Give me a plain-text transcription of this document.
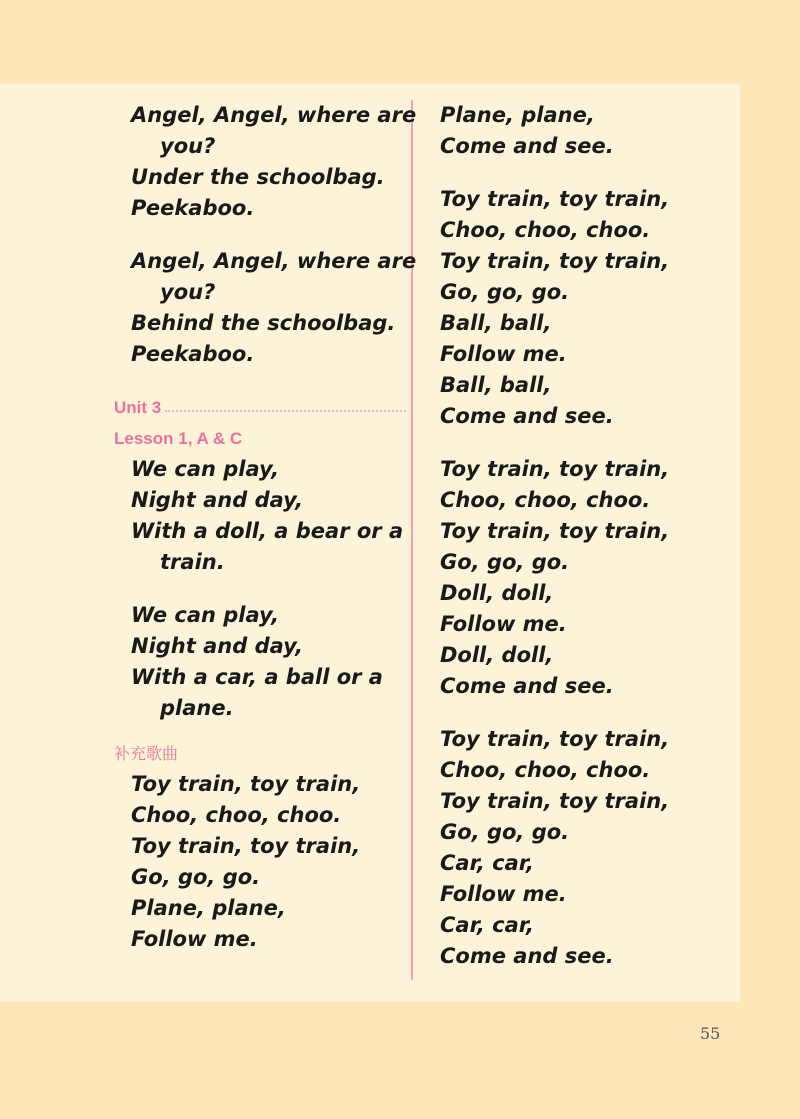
Angel, Angel, where are
you?
Under the schoolbag.
Peekaboo.
Angel, Angel, where are
you?
Behind the schoolbag.
Peekaboo.
Unit 3
Lesson 1, A & C
We can play,
Night and day,
With a doll, a bear or a
train.
We can play,
Night and day,
With a car, a ball or a
plane.
补充歌曲
Toy train, toy train,
Choo, choo, choo.
Toy train, toy train,
Go, go, go.
Plane, plane,
Follow me.
Plane, plane,
Come and see.
Toy train, toy train,
Choo, choo, choo.
Toy train, toy train,
Go, go, go.
Ball, ball,
Follow me.
Ball, ball,
Come and see.
Toy train, toy train,
Choo, choo, choo.
Toy train, toy train,
Go, go, go.
Doll, doll,
Follow me.
Doll, doll,
Come and see.
Toy train, toy train,
Choo, choo, choo.
Toy train, toy train,
Go, go, go.
Car, car,
Follow me.
Car, car,
Come and see.
55
